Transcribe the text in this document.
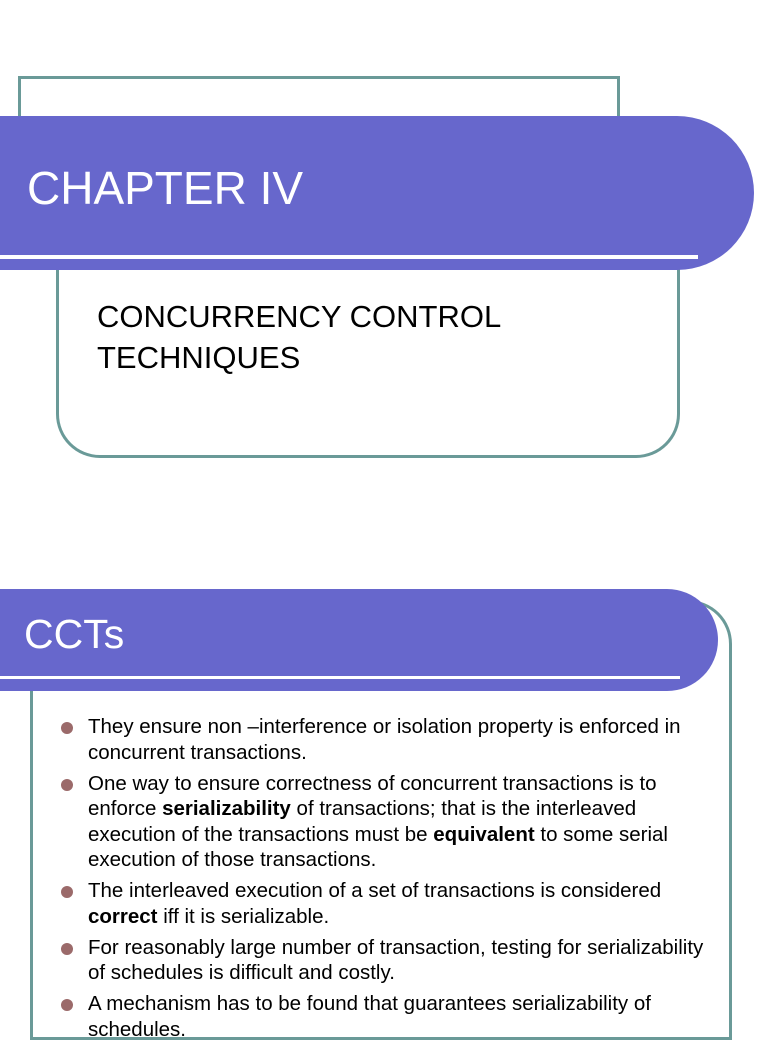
CHAPTER IV
CONCURRENCY CONTROL TECHNIQUES
CCTs
They ensure non –interference or isolation property is enforced in concurrent transactions.
One way to ensure correctness of concurrent transactions is to enforce serializability of transactions; that is the interleaved execution of the transactions must be equivalent to some serial execution of those transactions.
The interleaved execution of a set of transactions is considered correct iff it is serializable.
For reasonably large number of transaction, testing for serializability of schedules is difficult and costly.
A mechanism has to be found that guarantees serializability of schedules.
